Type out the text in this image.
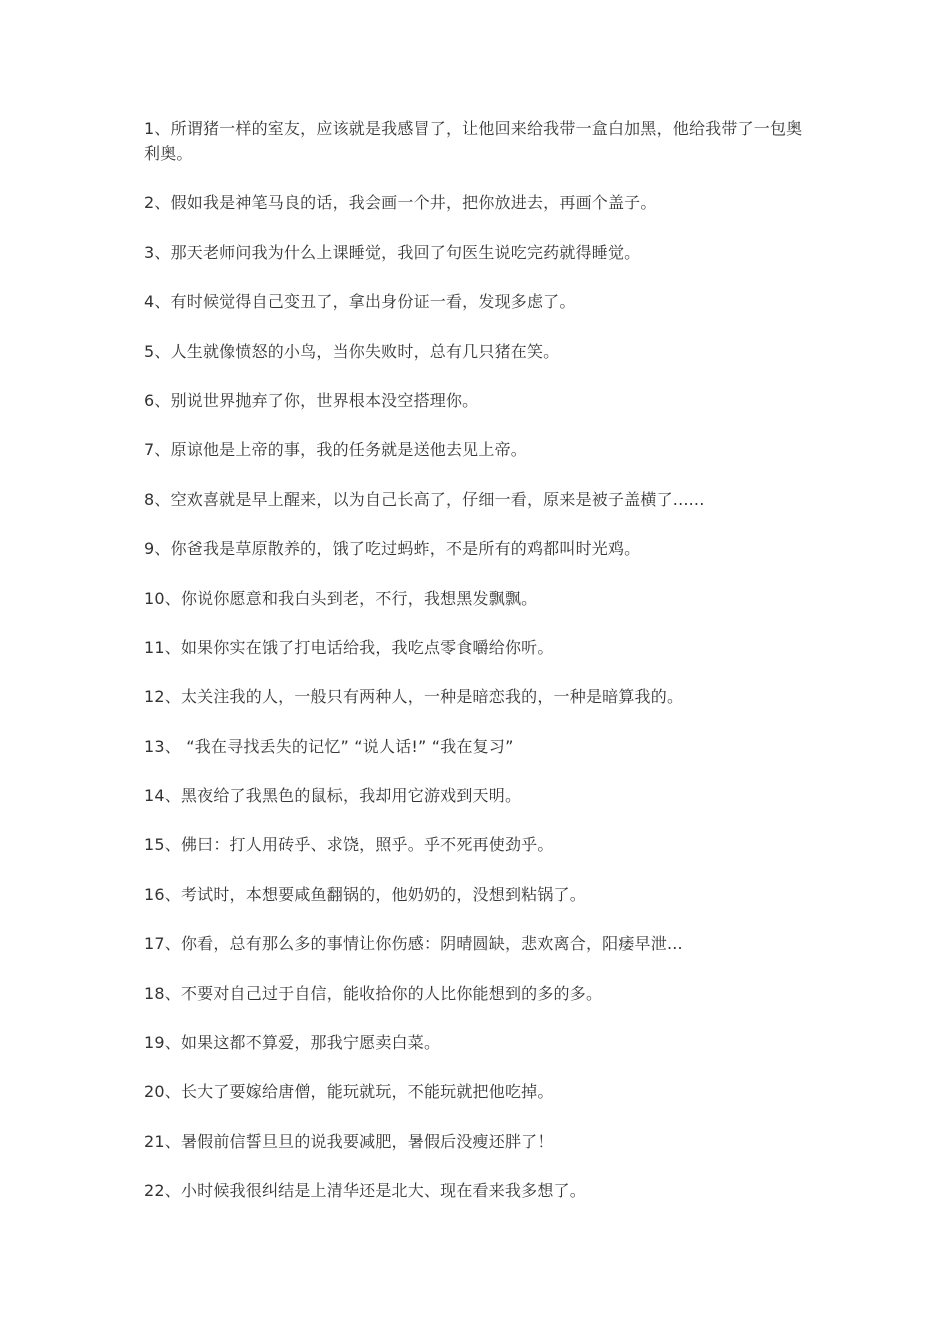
1、所谓猪一样的室友，应该就是我感冒了，让他回来给我带一盒白加黑，他给我带了一包奥利奥。

2、假如我是神笔马良的话，我会画一个井，把你放进去，再画个盖子。

3、那天老师问我为什么上课睡觉，我回了句医生说吃完药就得睡觉。

4、有时候觉得自己变丑了，拿出身份证一看，发现多虑了。

5、人生就像愤怒的小鸟，当你失败时，总有几只猪在笑。

6、别说世界抛弃了你，世界根本没空搭理你。

7、原谅他是上帝的事，我的任务就是送他去见上帝。

8、空欢喜就是早上醒来，以为自己长高了，仔细一看，原来是被子盖横了......

9、你爸我是草原散养的，饿了吃过蚂蚱，不是所有的鸡都叫时光鸡。

10、你说你愿意和我白头到老，不行，我想黑发飘飘。

11、如果你实在饿了打电话给我，我吃点零食嚼给你听。

12、太关注我的人，一般只有两种人，一种是暗恋我的，一种是暗算我的。

13、 “我在寻找丢失的记忆” “说人话!” “我在复习”

14、黑夜给了我黑色的鼠标，我却用它游戏到天明。

15、佛曰：打人用砖乎、求饶，照乎。乎不死再使劲乎。

16、考试时，本想要咸鱼翻锅的，他奶奶的，没想到粘锅了。

17、你看，总有那么多的事情让你伤感：阴晴圆缺，悲欢离合，阳痿早泄...

18、不要对自己过于自信，能收拾你的人比你能想到的多的多。

19、如果这都不算爱，那我宁愿卖白菜。

20、长大了要嫁给唐僧，能玩就玩，不能玩就把他吃掉。

21、暑假前信誓旦旦的说我要减肥，暑假后没瘦还胖了！

22、小时候我很纠结是上清华还是北大、现在看来我多想了。
